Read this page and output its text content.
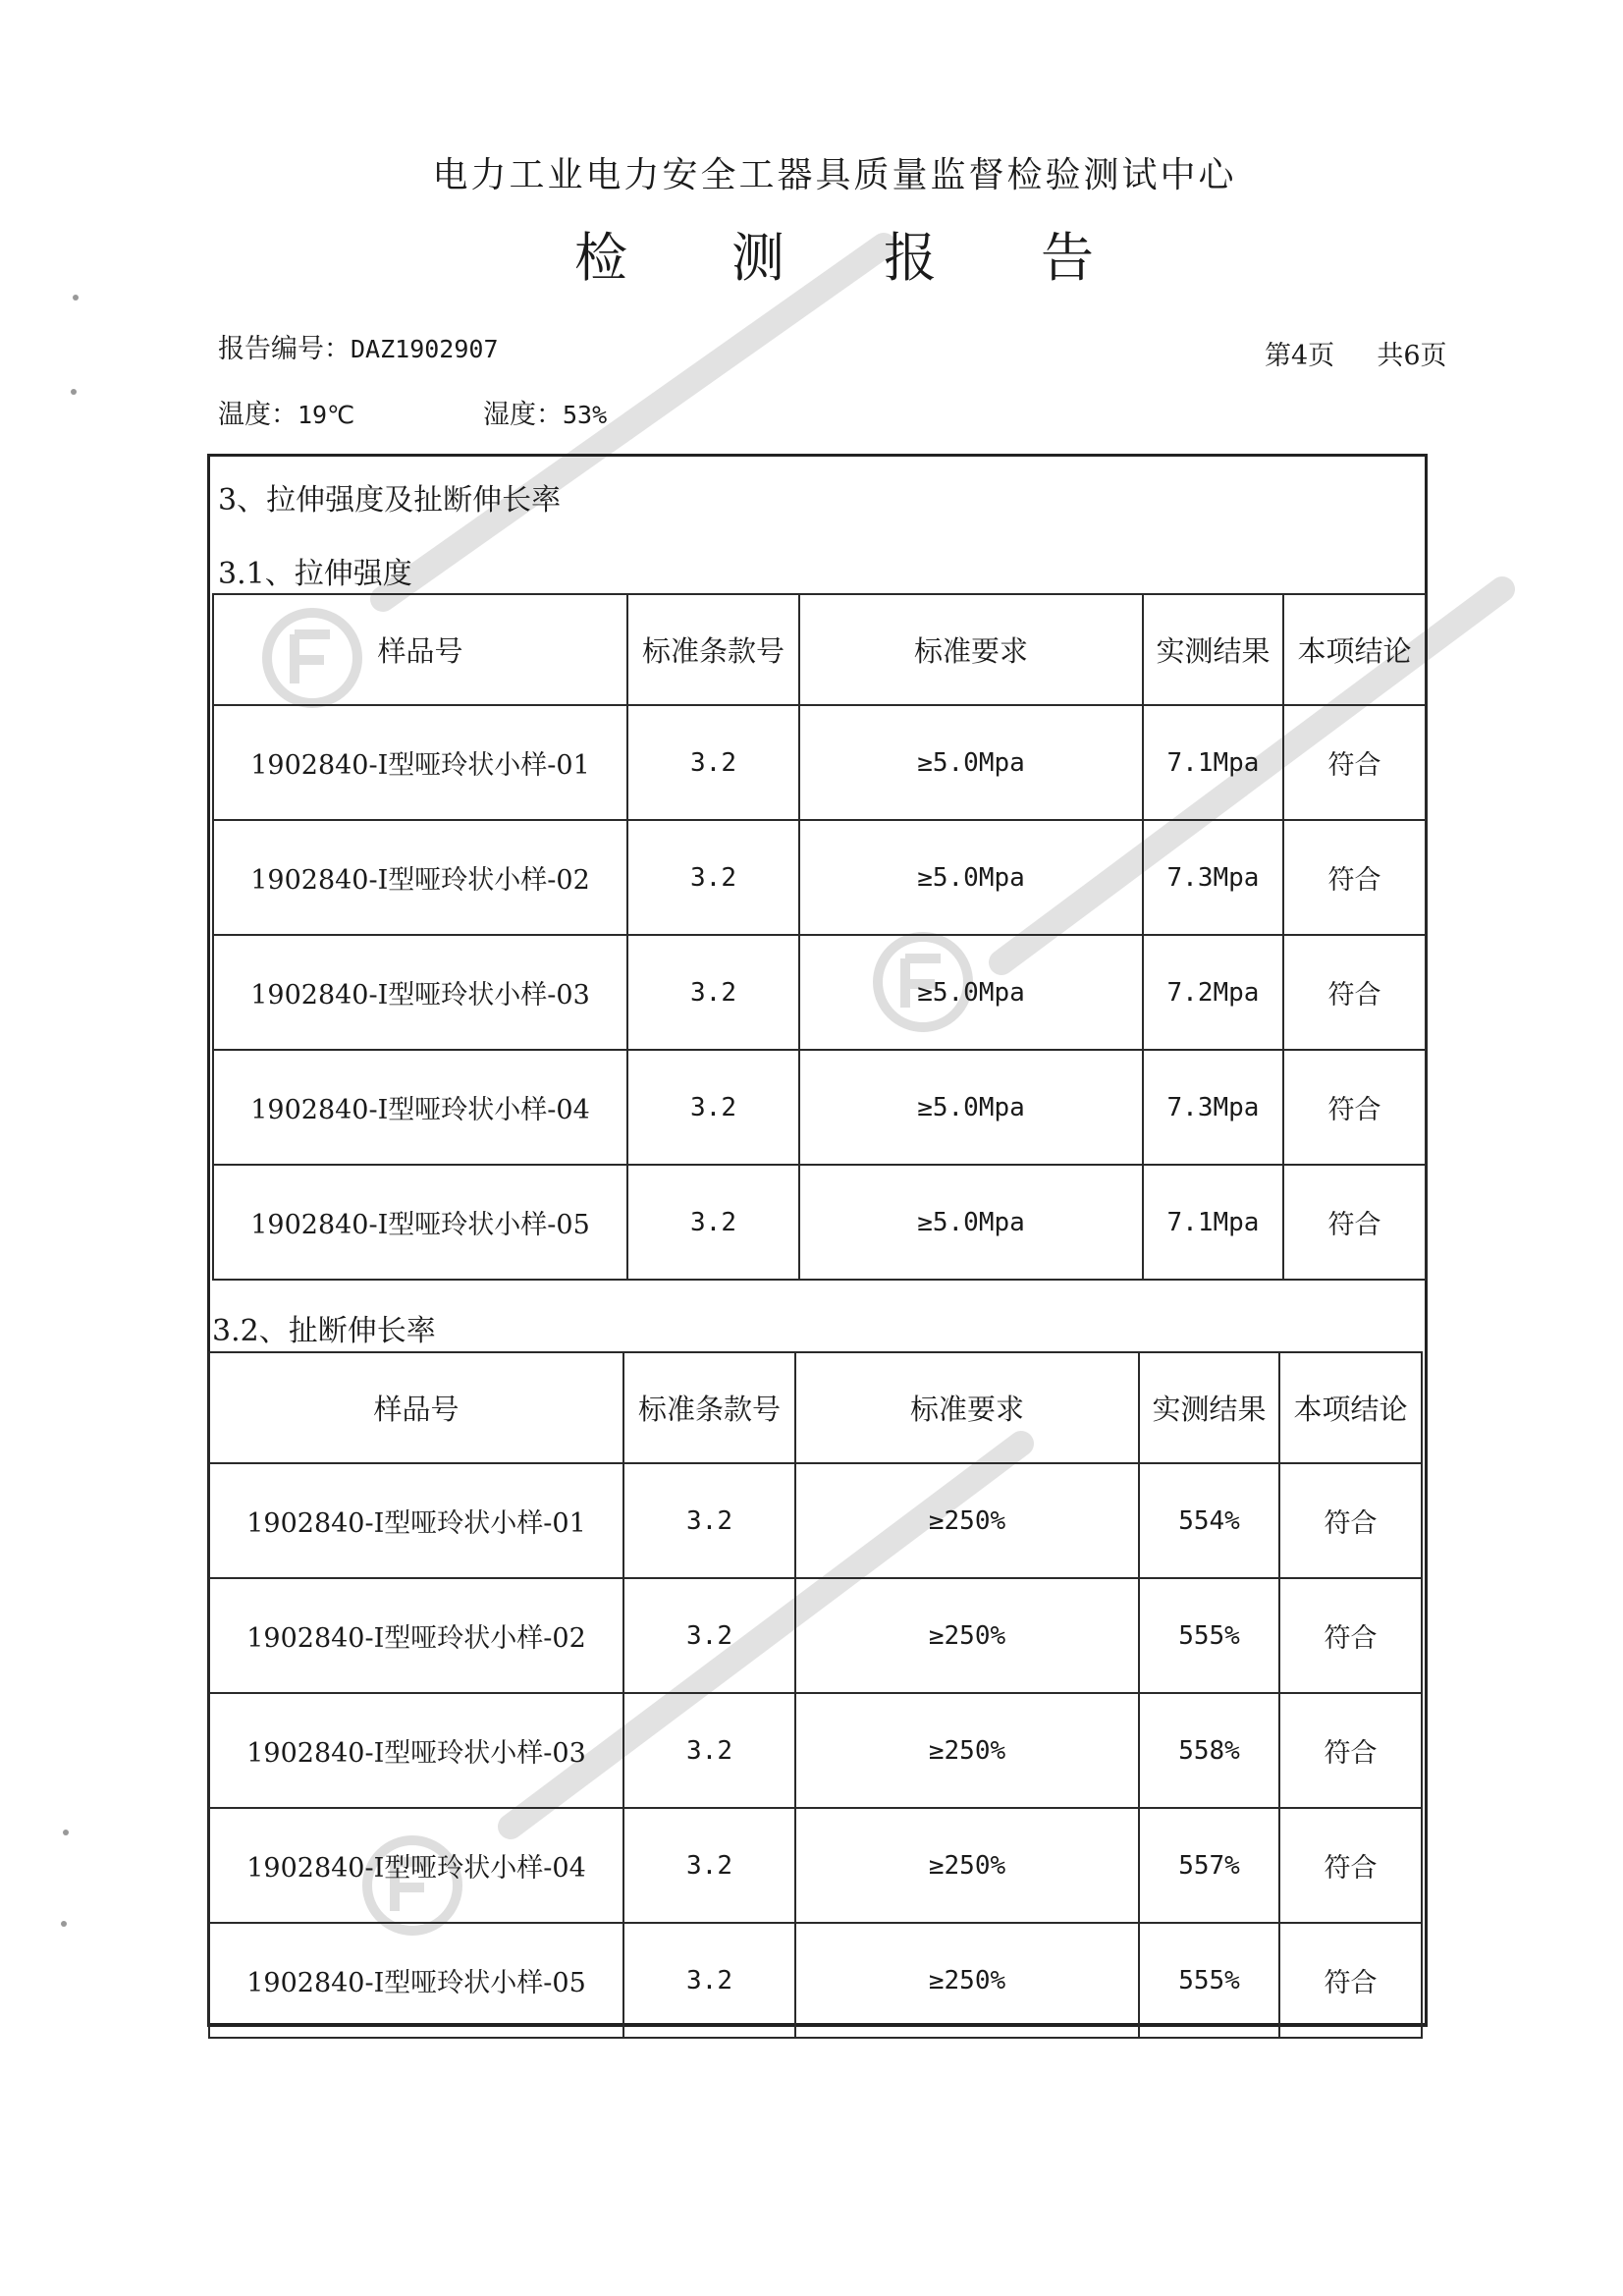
电力工业电力安全工器具质量监督检验测试中心
检 测 报 告
报告编号：DAZ1902907	第4页 共6页
温度：19℃	湿度：53%
3、拉伸强度及扯断伸长率
3.1、拉伸强度
样品号	标准条款号	标准要求	实测结果	本项结论
1902840-I型哑玲状小样-01	3.2	≥5.0Mpa	7.1Mpa	符合
1902840-I型哑玲状小样-02	3.2	≥5.0Mpa	7.3Mpa	符合
1902840-I型哑玲状小样-03	3.2	≥5.0Mpa	7.2Mpa	符合
1902840-I型哑玲状小样-04	3.2	≥5.0Mpa	7.3Mpa	符合
1902840-I型哑玲状小样-05	3.2	≥5.0Mpa	7.1Mpa	符合
3.2、扯断伸长率
样品号	标准条款号	标准要求	实测结果	本项结论
1902840-I型哑玲状小样-01	3.2	≥250%	554%	符合
1902840-I型哑玲状小样-02	3.2	≥250%	555%	符合
1902840-I型哑玲状小样-03	3.2	≥250%	558%	符合
1902840-I型哑玲状小样-04	3.2	≥250%	557%	符合
1902840-I型哑玲状小样-05	3.2	≥250%	555%	符合
